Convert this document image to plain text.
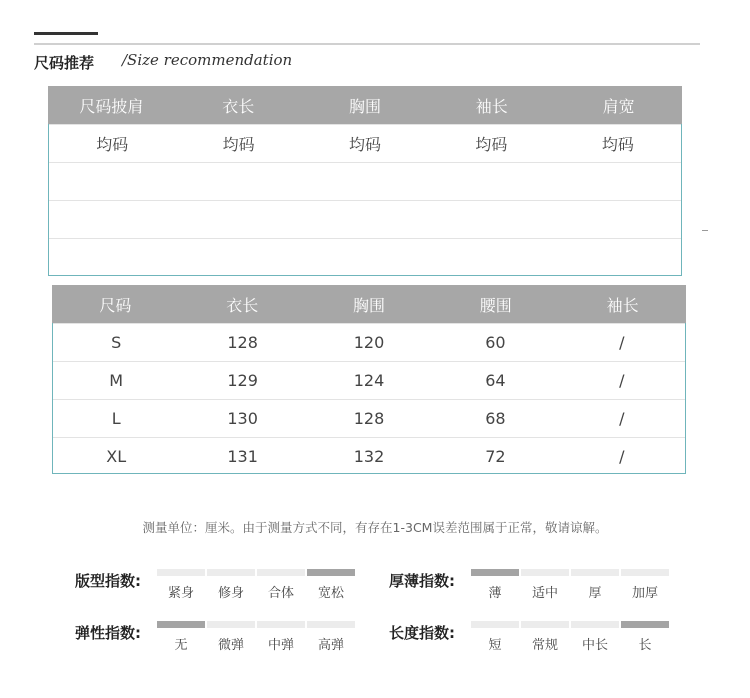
尺码推荐 /Size recommendation
尺码披肩	衣长	胸围	袖长	肩宽
均码	均码	均码	均码	均码
尺码	衣长	胸围	腰围	袖长
S	128	120	60	/
M	129	124	64	/
L	130	128	68	/
XL	131	132	72	/
测量单位：厘米。由于测量方式不同，有存在1-3CM误差范围属于正常，敬请谅解。
版型指数:
紧身	修身	合体	宽松
厚薄指数:
薄	适中	厚	加厚
弹性指数:
无	微弹	中弹	高弹
长度指数:
短	常规	中长	长
